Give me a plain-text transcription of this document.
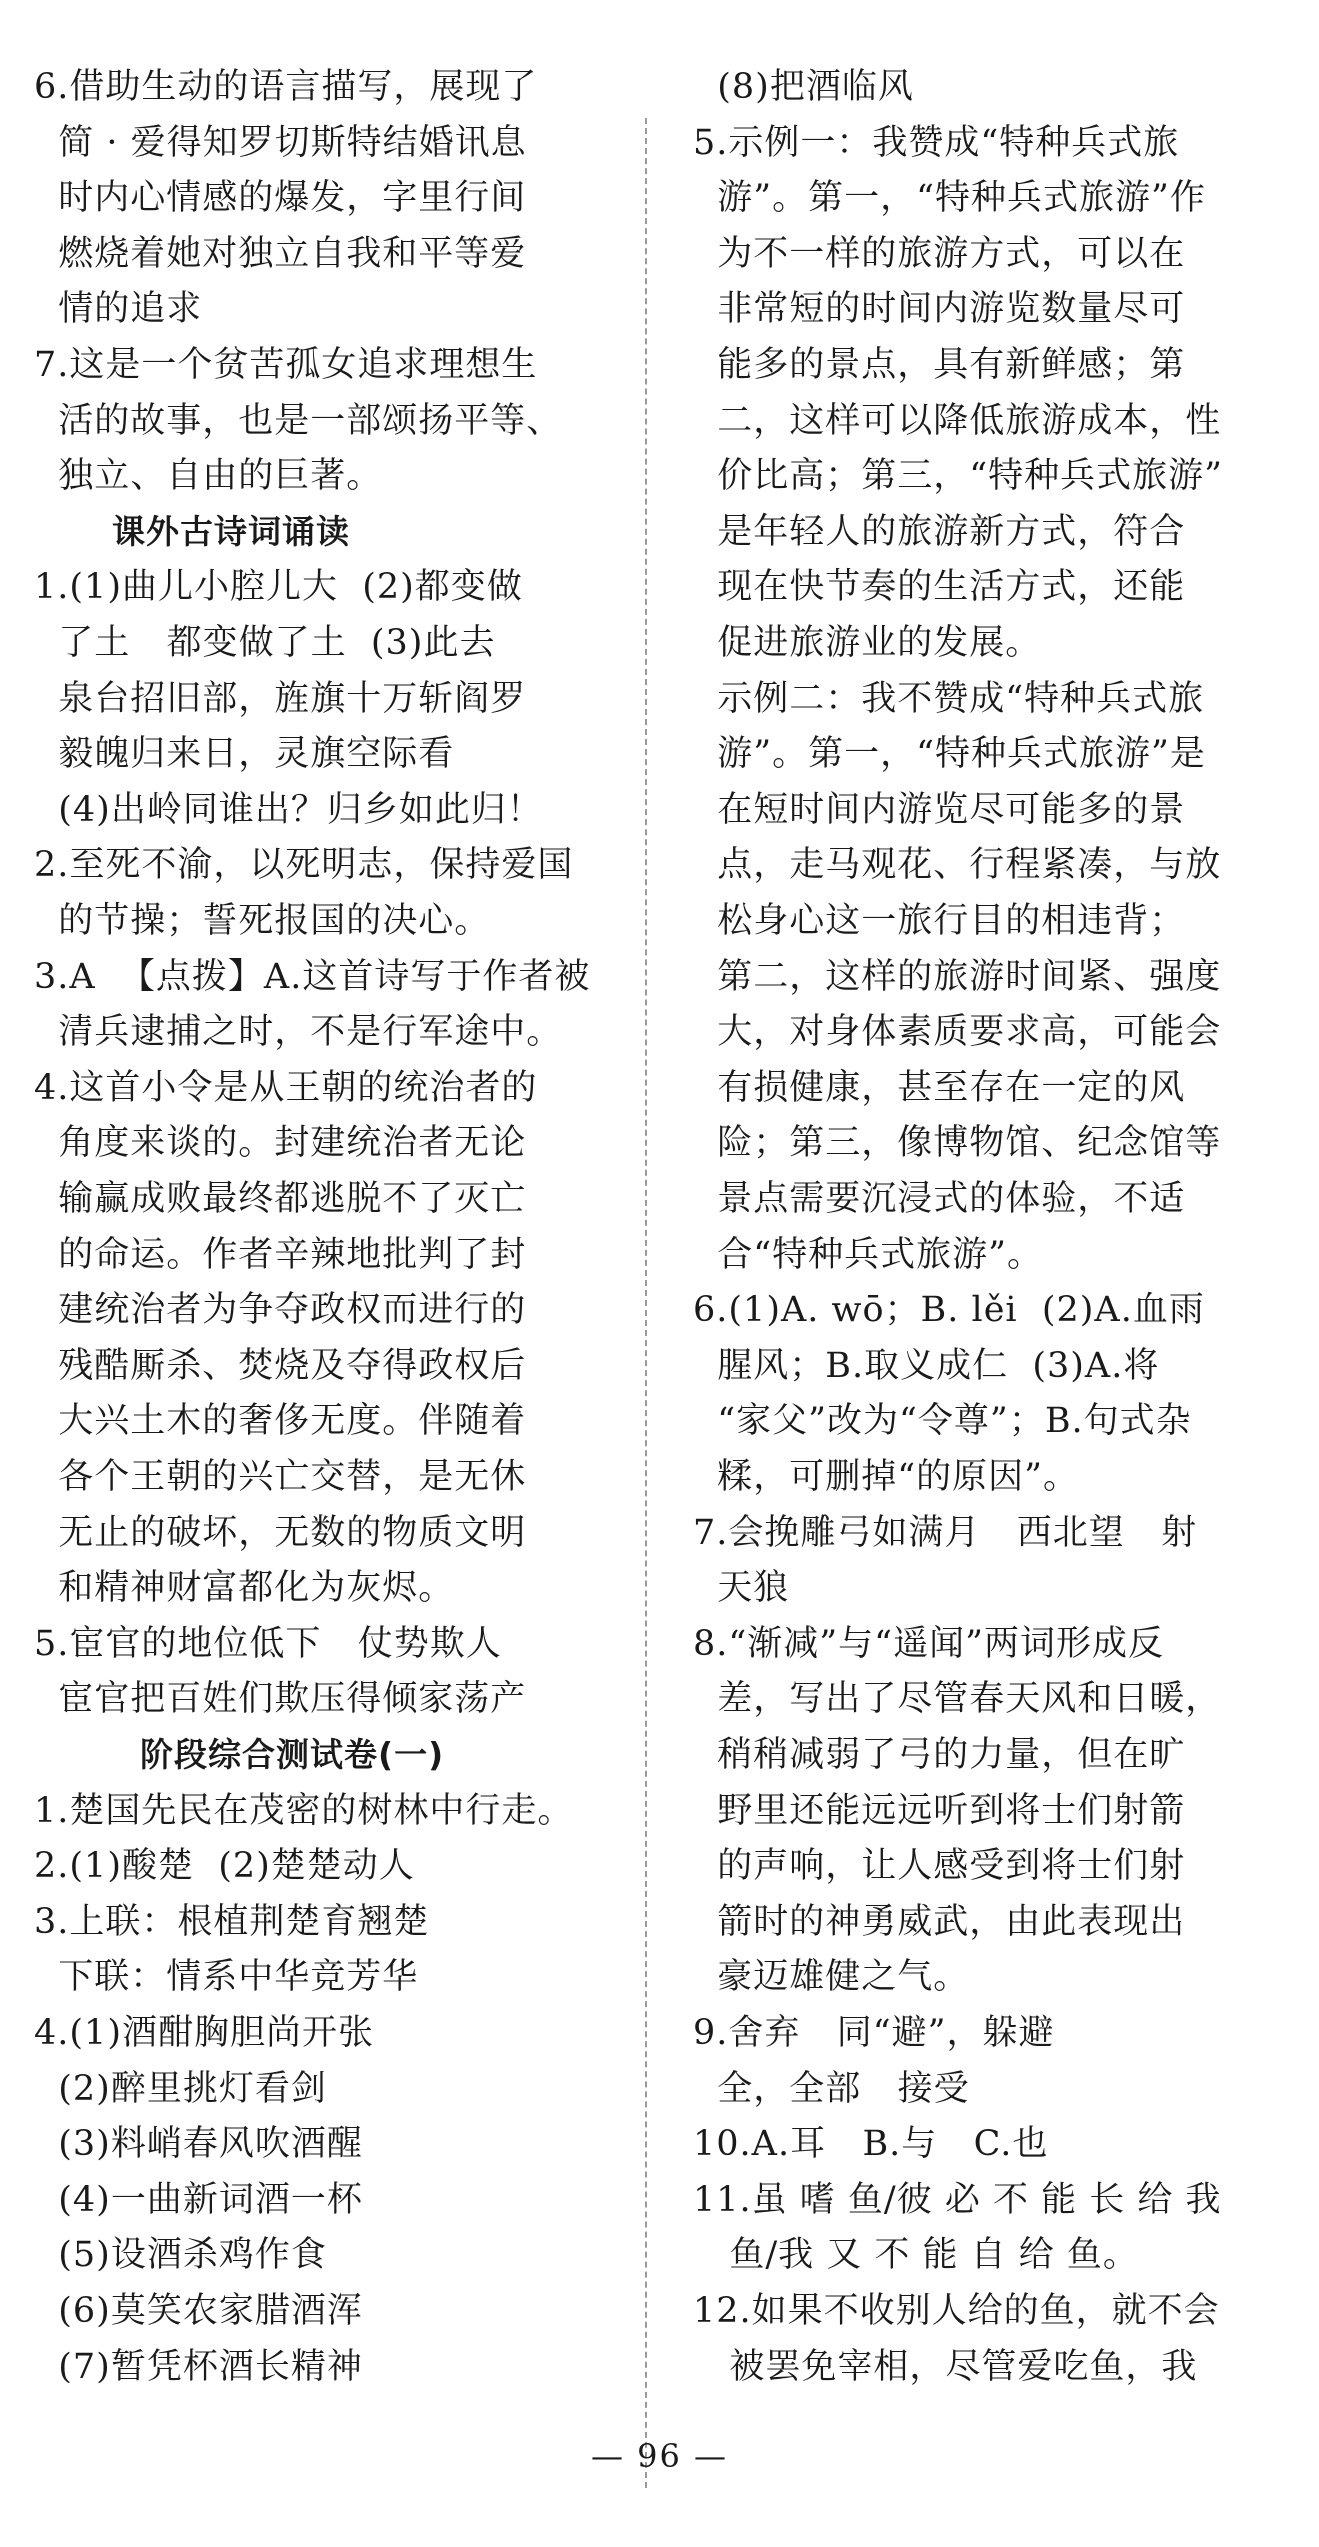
6.借助生动的语言描写，展现了
简 · 爱得知罗切斯特结婚讯息
时内心情感的爆发，字里行间
燃烧着她对独立自我和平等爱
情的追求
7.这是一个贫苦孤女追求理想生
活的故事，也是一部颂扬平等、
独立、自由的巨著。
课外古诗词诵读
1.(1)曲儿小腔儿大  (2)都变做
了土   都变做了土  (3)此去
泉台招旧部，旌旗十万斩阎罗
毅魄归来日，灵旗空际看
(4)出岭同谁出？归乡如此归！
2.至死不渝，以死明志，保持爱国
的节操；誓死报国的决心。
3.A  【点拨】A.这首诗写于作者被
清兵逮捕之时，不是行军途中。
4.这首小令是从王朝的统治者的
角度来谈的。封建统治者无论
输赢成败最终都逃脱不了灭亡
的命运。作者辛辣地批判了封
建统治者为争夺政权而进行的
残酷厮杀、焚烧及夺得政权后
大兴土木的奢侈无度。伴随着
各个王朝的兴亡交替，是无休
无止的破坏，无数的物质文明
和精神财富都化为灰烬。
5.宦官的地位低下   仗势欺人
宦官把百姓们欺压得倾家荡产
阶段综合测试卷(一)
1.楚国先民在茂密的树林中行走。
2.(1)酸楚  (2)楚楚动人
3.上联：根植荆楚育翘楚
下联：情系中华竞芳华
4.(1)酒酣胸胆尚开张
(2)醉里挑灯看剑
(3)料峭春风吹酒醒
(4)一曲新词酒一杯
(5)设酒杀鸡作食
(6)莫笑农家腊酒浑
(7)暂凭杯酒长精神
(8)把酒临风
5.示例一：我赞成“特种兵式旅
游”。第一，“特种兵式旅游”作
为不一样的旅游方式，可以在
非常短的时间内游览数量尽可
能多的景点，具有新鲜感；第
二，这样可以降低旅游成本，性
价比高；第三，“特种兵式旅游”
是年轻人的旅游新方式，符合
现在快节奏的生活方式，还能
促进旅游业的发展。
示例二：我不赞成“特种兵式旅
游”。第一，“特种兵式旅游”是
在短时间内游览尽可能多的景
点，走马观花、行程紧凑，与放
松身心这一旅行目的相违背；
第二，这样的旅游时间紧、强度
大，对身体素质要求高，可能会
有损健康，甚至存在一定的风
险；第三，像博物馆、纪念馆等
景点需要沉浸式的体验，不适
合“特种兵式旅游”。
6.(1)A. wō；B. lěi  (2)A.血雨
腥风；B.取义成仁  (3)A.将
“家父”改为“令尊”；B.句式杂
糅，可删掉“的原因”。
7.会挽雕弓如满月   西北望   射
天狼
8.“渐减”与“遥闻”两词形成反
差，写出了尽管春天风和日暖，
稍稍减弱了弓的力量，但在旷
野里还能远远听到将士们射箭
的声响，让人感受到将士们射
箭时的神勇威武，由此表现出
豪迈雄健之气。
9.舍弃   同“避”，躲避
全，全部   接受
10.A.耳   B.与   C.也
11.虽 嗜 鱼/彼 必 不 能 长 给 我
鱼/我 又 不 能 自 给 鱼。
12.如果不收别人给的鱼，就不会
被罢免宰相，尽管爱吃鱼，我
— 96 —
